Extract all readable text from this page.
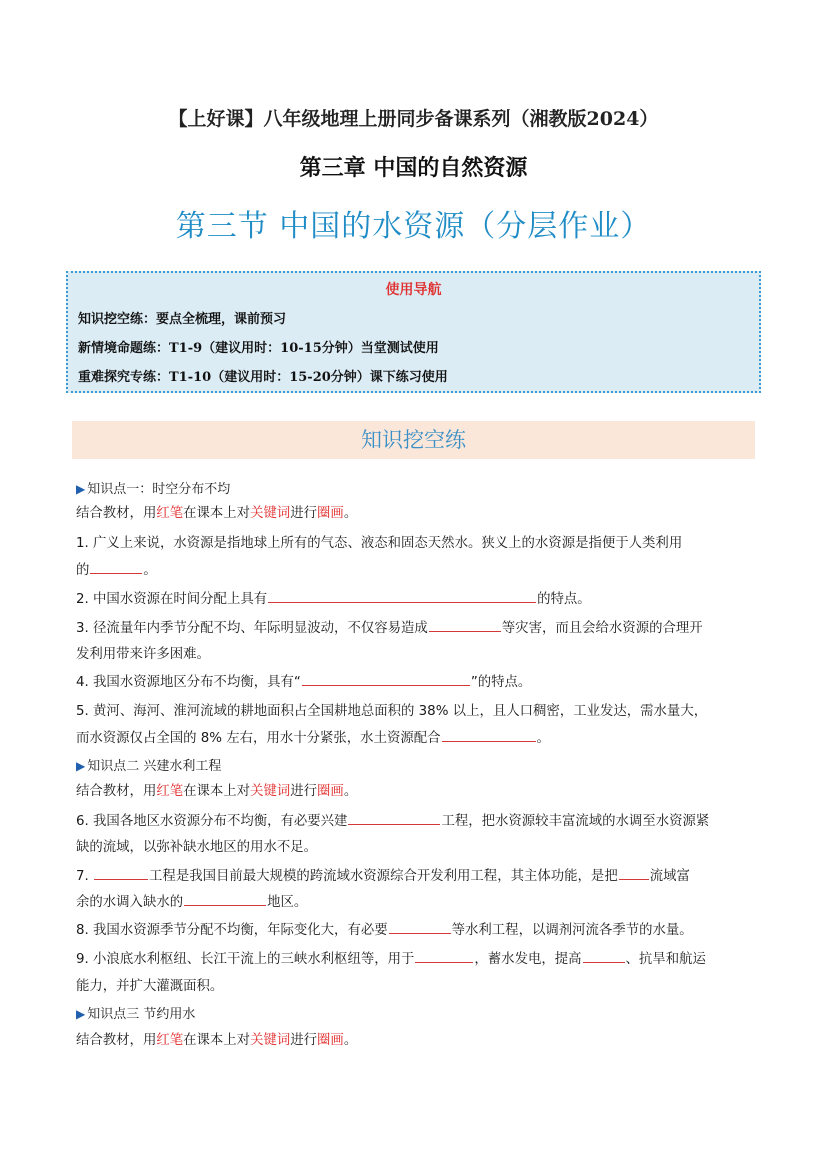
【上好课】八年级地理上册同步备课系列（湘教版2024）
第三章 中国的自然资源
第三节 中国的水资源（分层作业）
使用导航
知识挖空练：要点全梳理，课前预习
新情境命题练：T1-9（建议用时：10-15分钟）当堂测试使用
重难探究专练：T1-10（建议用时：15-20分钟）课下练习使用
知识挖空练
▶ 知识点一：时空分布不均
结合教材，用红笔在课本上对关键词进行圈画。
1. 广义上来说，水资源是指地球上所有的气态、液态和固态天然水。狭义上的水资源是指便于人类利用
的	。
2. 中国水资源在时间分配上具有	的特点。
3. 径流量年内季节分配不均、年际明显波动，不仅容易造成	等灾害，而且会给水资源的合理开
发利用带来许多困难。
4. 我国水资源地区分布不均衡，具有“	”的特点。
5. 黄河、海河、淮河流域的耕地面积占全国耕地总面积的 38% 以上，且人口稠密，工业发达，需水量大，
而水资源仅占全国的 8% 左右，用水十分紧张，水土资源配合	。
▶ 知识点二 兴建水利工程
结合教材，用红笔在课本上对关键词进行圈画。
6. 我国各地区水资源分布不均衡，有必要兴建	工程，把水资源较丰富流域的水调至水资源紧
缺的流域，以弥补缺水地区的用水不足。
7.	工程是我国目前最大规模的跨流域水资源综合开发利用工程，其主体功能，是把 流域富
余的水调入缺水的	地区。
8. 我国水资源季节分配不均衡，年际变化大，有必要	等水利工程，以调剂河流各季节的水量。
9. 小浪底水利枢纽、长江干流上的三峡水利枢纽等，用于	，蓄水发电，提高	、抗旱和航运
能力，并扩大灌溉面积。
▶ 知识点三 节约用水
结合教材，用红笔在课本上对关键词进行圈画。
